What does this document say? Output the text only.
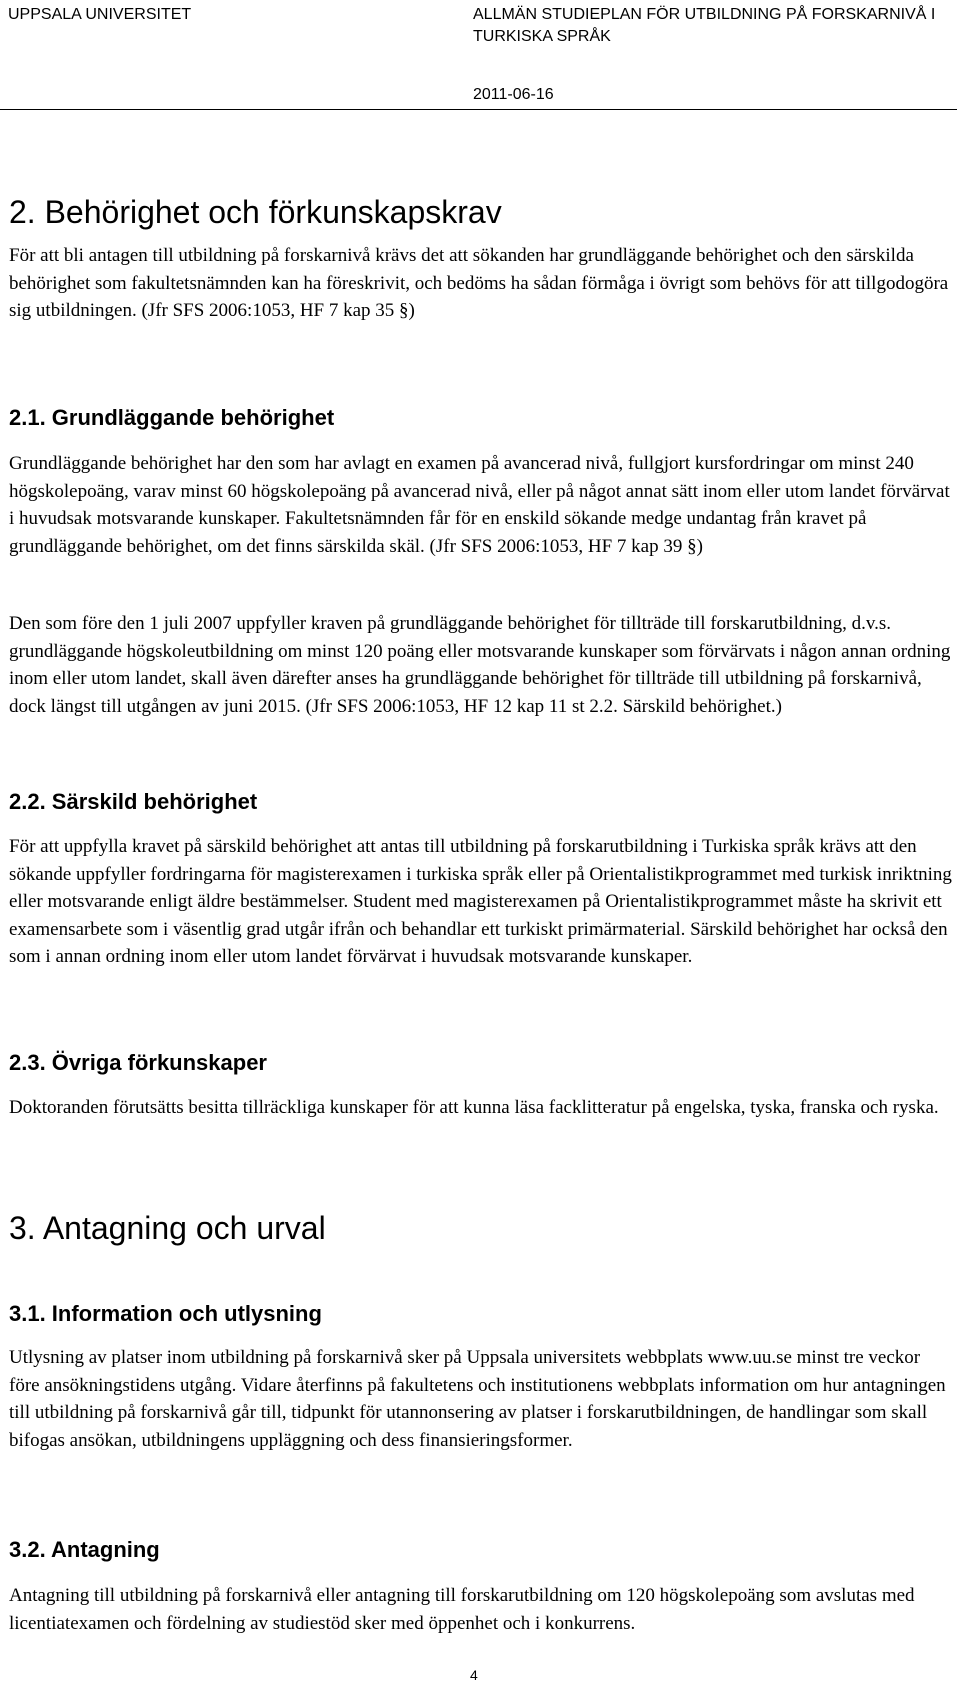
UPPSALA UNIVERSITET	ALLMÄN STUDIEPLAN FÖR UTBILDNING PÅ FORSKARNIVÅ I TURKISKA SPRÅK
2011-06-16
2. Behörighet och förkunskapskrav

För att bli antagen till utbildning på forskarnivå krävs det att sökanden har grundläggande behörighet och den särskilda behörighet som fakultetsnämnden kan ha föreskrivit, och bedöms ha sådan förmåga i övrigt som behövs för att tillgodogöra sig utbildningen. (Jfr SFS 2006:1053, HF 7 kap 35 §)

2.1. Grundläggande behörighet

Grundläggande behörighet har den som har avlagt en examen på avancerad nivå, fullgjort kursfordringar om minst 240 högskolepoäng, varav minst 60 högskolepoäng på avancerad nivå, eller på något annat sätt inom eller utom landet förvärvat i huvudsak motsvarande kunskaper. Fakultetsnämnden får för en enskild sökande medge undantag från kravet på grundläggande behörighet, om det finns särskilda skäl. (Jfr SFS 2006:1053, HF 7 kap 39 §)

Den som före den 1 juli 2007 uppfyller kraven på grundläggande behörighet för tillträde till forskarutbildning, d.v.s. grundläggande högskoleutbildning om minst 120 poäng eller motsvarande kunskaper som förvärvats i någon annan ordning inom eller utom landet, skall även därefter anses ha grundläggande behörighet för tillträde till utbildning på forskarnivå, dock längst till utgången av juni 2015. (Jfr SFS 2006:1053, HF 12 kap 11 st 2.2. Särskild behörighet.)

2.2. Särskild behörighet

För att uppfylla kravet på särskild behörighet att antas till utbildning på forskarutbildning i Turkiska språk krävs att den sökande uppfyller fordringarna för magisterexamen i turkiska språk eller på Orientalistikprogrammet med turkisk inriktning eller motsvarande enligt äldre bestämmelser. Student med magisterexamen på Orientalistikprogrammet måste ha skrivit ett examensarbete som i väsentlig grad utgår ifrån och behandlar ett turkiskt primärmaterial. Särskild behörighet har också den som i annan ordning inom eller utom landet förvärvat i huvudsak motsvarande kunskaper.

2.3. Övriga förkunskaper

Doktoranden förutsätts besitta tillräckliga kunskaper för att kunna läsa facklitteratur på engelska, tyska, franska och ryska.

3. Antagning och urval
3.1. Information och utlysning

Utlysning av platser inom utbildning på forskarnivå sker på Uppsala universitets webbplats www.uu.se minst tre veckor före ansökningstidens utgång. Vidare återfinns på fakultetens och institutionens webbplats information om hur antagningen till utbildning på forskarnivå går till, tidpunkt för utannonsering av platser i forskarutbildningen, de handlingar som skall bifogas ansökan, utbildningens uppläggning och dess finansieringsformer.

3.2. Antagning

Antagning till utbildning på forskarnivå eller antagning till forskarutbildning om 120 högskolepoäng som avslutas med licentiatexamen och fördelning av studiestöd sker med öppenhet och i konkurrens.

4
